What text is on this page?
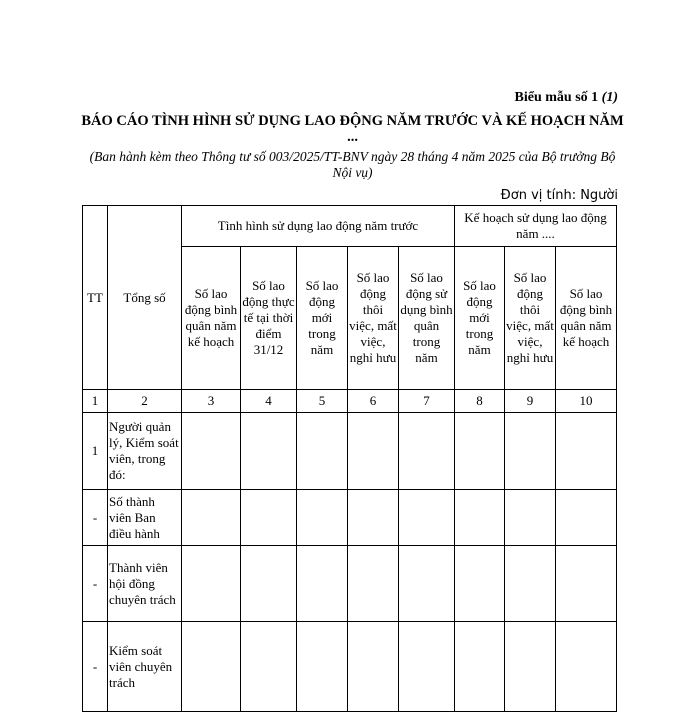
Biểu mẫu số 1 (1)
BÁO CÁO TÌNH HÌNH SỬ DỤNG LAO ĐỘNG NĂM TRƯỚC VÀ KẾ HOẠCH NĂM ...
(Ban hành kèm theo Thông tư số 003/2025/TT-BNV ngày 28 tháng 4 năm 2025 của Bộ trưởng Bộ Nội vụ)
Đơn vị tính: Người
TT	Tổng số	Tình hình sử dụng lao động năm trước					Kế hoạch sử dụng lao động năm ....		
		Số lao động bình quân năm kế hoạch	Số lao động thực tế tại thời điểm 31/12	Số lao động mới trong năm	Số lao động thôi việc, mất việc, nghỉ hưu	Số lao động sử dụng bình quân trong năm	Số lao động mới trong năm	Số lao động thôi việc, mất việc, nghỉ hưu	Số lao động bình quân năm kế hoạch
1	2	3	4	5	6	7	8	9	10
1	Người quản lý, Kiểm soát viên, trong đó:								
-	Số thành viên Ban điều hành								
-	Thành viên hội đồng chuyên trách								
-	Kiểm soát viên chuyên trách								
